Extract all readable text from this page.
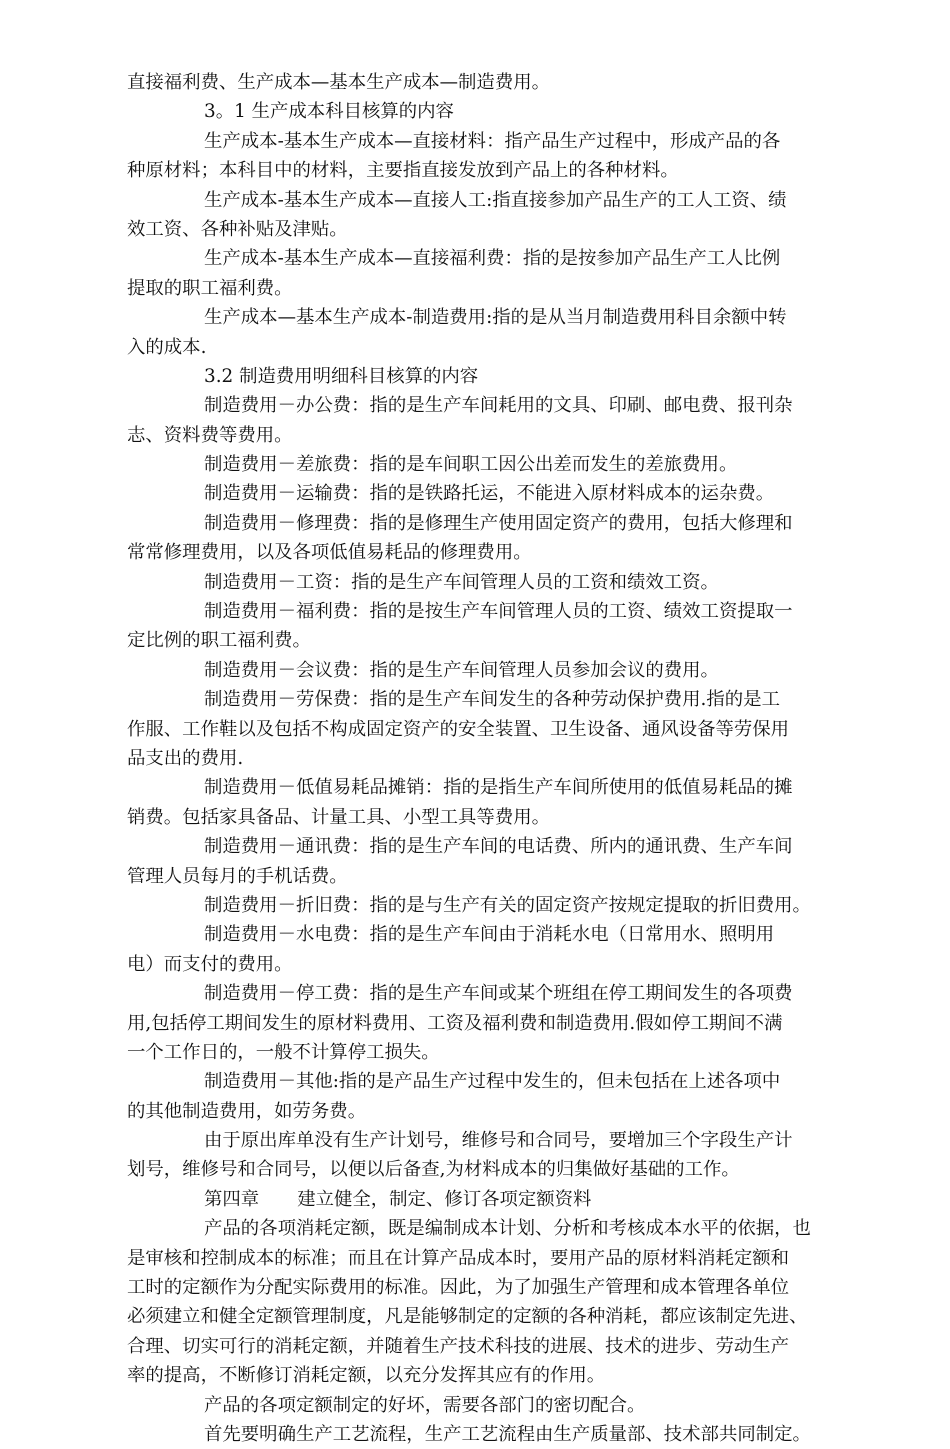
直接福利费、生产成本—基本生产成本—制造费用。
3。1 生产成本科目核算的内容
生产成本-基本生产成本—直接材料：指产品生产过程中，形成产品的各
种原材料；本科目中的材料，主要指直接发放到产品上的各种材料。
生产成本-基本生产成本—直接人工:指直接参加产品生产的工人工资、绩
效工资、各种补贴及津贴。
生产成本-基本生产成本—直接福利费：指的是按参加产品生产工人比例
提取的职工福利费。
生产成本—基本生产成本-制造费用:指的是从当月制造费用科目余额中转
入的成本.
3.2 制造费用明细科目核算的内容
制造费用－办公费：指的是生产车间耗用的文具、印刷、邮电费、报刊杂
志、资料费等费用。
制造费用－差旅费：指的是车间职工因公出差而发生的差旅费用。
制造费用－运输费：指的是铁路托运，不能进入原材料成本的运杂费。
制造费用－修理费：指的是修理生产使用固定资产的费用，包括大修理和
常常修理费用，以及各项低值易耗品的修理费用。
制造费用－工资：指的是生产车间管理人员的工资和绩效工资。
制造费用－福利费：指的是按生产车间管理人员的工资、绩效工资提取一
定比例的职工福利费。
制造费用－会议费：指的是生产车间管理人员参加会议的费用。
制造费用－劳保费：指的是生产车间发生的各种劳动保护费用.指的是工
作服、工作鞋以及包括不构成固定资产的安全装置、卫生设备、通风设备等劳保用
品支出的费用.
制造费用－低值易耗品摊销：指的是指生产车间所使用的低值易耗品的摊
销费。包括家具备品、计量工具、小型工具等费用。
制造费用－通讯费：指的是生产车间的电话费、所内的通讯费、生产车间
管理人员每月的手机话费。
制造费用－折旧费：指的是与生产有关的固定资产按规定提取的折旧费用。
制造费用－水电费：指的是生产车间由于消耗水电（日常用水、照明用
电）而支付的费用。
制造费用－停工费：指的是生产车间或某个班组在停工期间发生的各项费
用,包括停工期间发生的原材料费用、工资及福利费和制造费用.假如停工期间不满
一个工作日的，一般不计算停工损失。
制造费用－其他:指的是产品生产过程中发生的，但未包括在上述各项中
的其他制造费用，如劳务费。
由于原出库单没有生产计划号，维修号和合同号，要增加三个字段生产计
划号，维修号和合同号，以便以后备查,为材料成本的归集做好基础的工作。
第四章 建立健全，制定、修订各项定额资料
产品的各项消耗定额，既是编制成本计划、分析和考核成本水平的依据，也
是审核和控制成本的标准；而且在计算产品成本时，要用产品的原材料消耗定额和
工时的定额作为分配实际费用的标准。因此，为了加强生产管理和成本管理各单位
必须建立和健全定额管理制度，凡是能够制定的定额的各种消耗，都应该制定先进、
合理、切实可行的消耗定额，并随着生产技术科技的进展、技术的进步、劳动生产
率的提高，不断修订消耗定额，以充分发挥其应有的作用。
产品的各项定额制定的好坏，需要各部门的密切配合。
首先要明确生产工艺流程，生产工艺流程由生产质量部、技术部共同制定。
